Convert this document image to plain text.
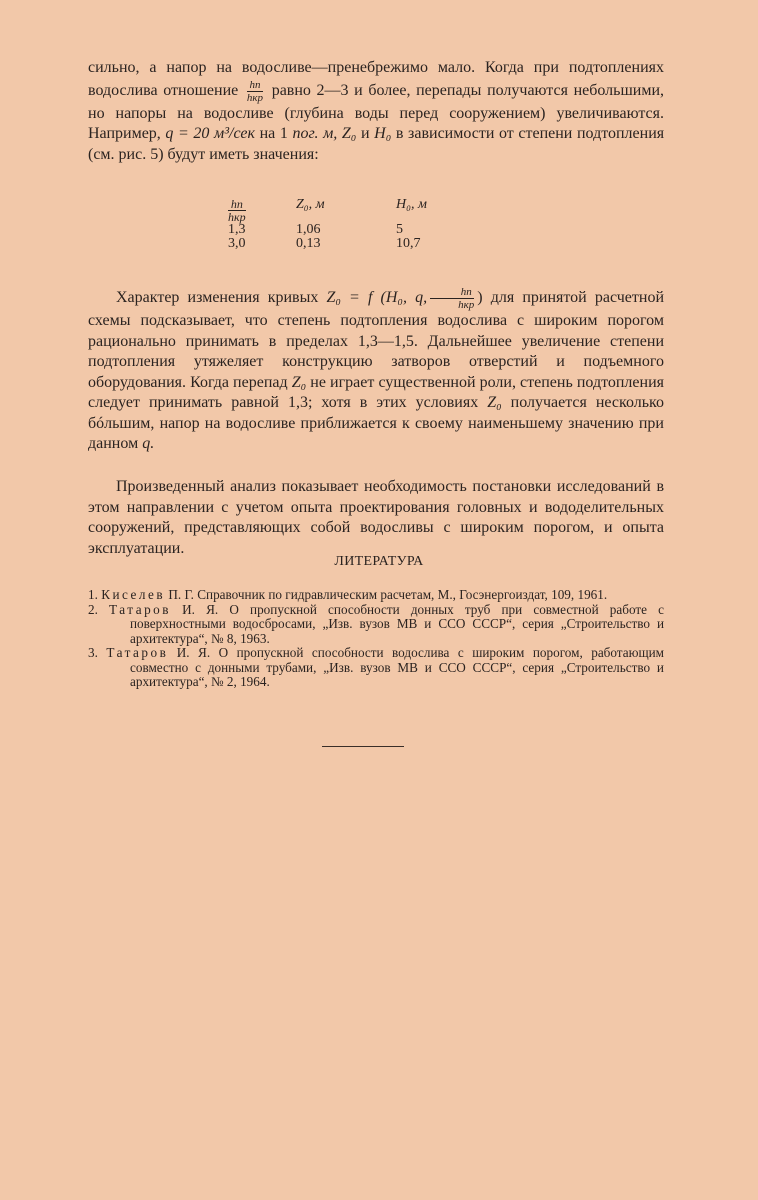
сильно, а напор на водосливе—пренебрежимо мало. Когда при подтоплениях водослива отношение $\frac{hп}{\text{hкр}}$ равно 2—3 и более, перепады получаются небольшими, но напоры на водосливе (глубина воды перед сооружением) увеличиваются. Например, q = 20 м³/сек на 1 пог. м, Z₀ и H₀ в зависимости от степени подтопления (см. рис. 5) будут иметь значения:
$\frac{hп}{\text{hкр}}$	Z₀, м	H₀, м
1,3	1,06	5
3,0	0,13	10,7
Характер изменения кривых Z₀ = f (H₀, q, $\frac{hп}{\text{hкр}}$ ) для принятой расчетной схемы подсказывает, что степень подтопления водослива с широким порогом рационально принимать в пределах 1,3—1,5. Дальнейшее увеличение степени подтопления утяжеляет конструкцию затворов отверстий и подъемного оборудования. Когда перепад Z₀ не играет существенной роли, степень подтопления следует принимать равной 1,3; хотя в этих условиях Z₀ получается несколько бóльшим, напор на водосливе приближается к своему наименьшему значению при данном q.
Произведенный анализ показывает необходимость постановки исследований в этом направлении с учетом опыта проектирования головных и вододелительных сооружений, представляющих собой водосливы с широким порогом, и опыта эксплуатации.
ЛИТЕРАТУРА
1. Киселев П. Г. Справочник по гидравлическим расчетам, М., Госэнергоиздат, 109, 1961.
2. Татаров И. Я. О пропускной способности донных труб при совместной работе с поверхностными водосбросами, „Изв. вузов МВ и ССО СССР“, серия „Строительство и архитектура“, № 8, 1963.
3. Татаров И. Я. О пропускной способности водослива с широким порогом, работающим совместно с донными трубами, „Изв. вузов МВ и ССО СССР“, серия „Строительство и архитектура“, № 2, 1964.
